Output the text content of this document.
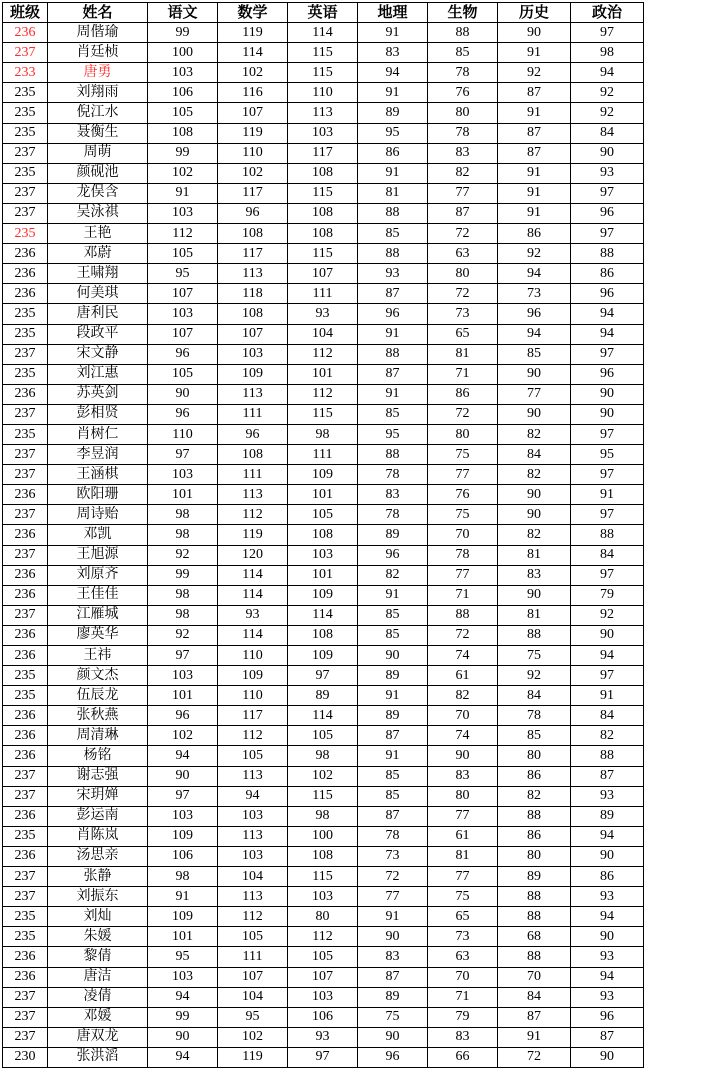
班级	姓名	语文	数学	英语	地理	生物	历史	政治
236	周偕瑜	99	119	114	91	88	90	97
237	肖廷桢	100	114	115	83	85	91	98
233	唐勇	103	102	115	94	78	92	94
235	刘翔雨	106	116	110	91	76	87	92
235	倪江水	105	107	113	89	80	91	92
235	聂衡生	108	119	103	95	78	87	84
237	周萌	99	110	117	86	83	87	90
235	颜砚池	102	102	108	91	82	91	93
237	龙俣含	91	117	115	81	77	91	97
237	吴泳祺	103	96	108	88	87	91	96
235	王艳	112	108	108	85	72	86	97
236	邓蔚	105	117	115	88	63	92	88
236	王啸翔	95	113	107	93	80	94	86
236	何美琪	107	118	111	87	72	73	96
235	唐利民	103	108	93	96	73	96	94
235	段政平	107	107	104	91	65	94	94
237	宋文静	96	103	112	88	81	85	97
235	刘江惠	105	109	101	87	71	90	96
236	苏英剑	90	113	112	91	86	77	90
237	彭相贤	96	111	115	85	72	90	90
235	肖树仁	110	96	98	95	80	82	97
237	李昱润	97	108	111	88	75	84	95
237	王涵棋	103	111	109	78	77	82	97
236	欧阳珊	101	113	101	83	76	90	91
237	周诗贻	98	112	105	78	75	90	97
236	邓凯	98	119	108	89	70	82	88
237	王旭源	92	120	103	96	78	81	84
236	刘原齐	99	114	101	82	77	83	97
236	王佳佳	98	114	109	91	71	90	79
237	江雁城	98	93	114	85	88	81	92
236	廖英华	92	114	108	85	72	88	90
236	王祎	97	110	109	90	74	75	94
235	颜文杰	103	109	97	89	61	92	97
235	伍辰龙	101	110	89	91	82	84	91
236	张秋燕	96	117	114	89	70	78	84
236	周清琳	102	112	105	87	74	85	82
236	杨铭	94	105	98	91	90	80	88
237	谢志强	90	113	102	85	83	86	87
237	宋玥婵	97	94	115	85	80	82	93
236	彭运南	103	103	98	87	77	88	89
235	肖陈岚	109	113	100	78	61	86	94
236	汤思亲	106	103	108	73	81	80	90
237	张静	98	104	115	72	77	89	86
237	刘振东	91	113	103	77	75	88	93
235	刘灿	109	112	80	91	65	88	94
235	朱媛	101	105	112	90	73	68	90
236	黎倩	95	111	105	83	63	88	93
236	唐洁	103	107	107	87	70	70	94
237	凌倩	94	104	103	89	71	84	93
237	邓媛	99	95	106	75	79	87	96
237	唐双龙	90	102	93	90	83	91	87
230	张洪滔	94	119	97	96	66	72	90
